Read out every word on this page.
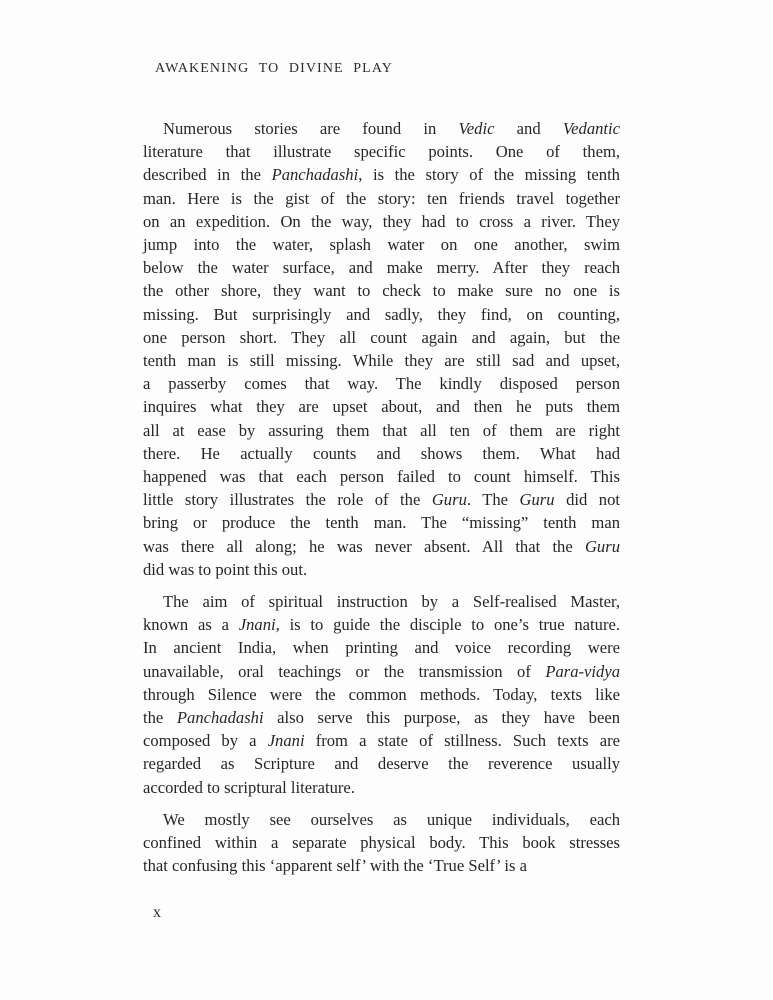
AWAKENING TO DIVINE PLAY
Numerous stories are found in Vedic and Vedantic
literature that illustrate specific points. One of them,
described in the Panchadashi, is the story of the missing tenth
man. Here is the gist of the story: ten friends travel together
on an expedition. On the way, they had to cross a river. They
jump into the water, splash water on one another, swim
below the water surface, and make merry. After they reach
the other shore, they want to check to make sure no one is
missing. But surprisingly and sadly, they find, on counting,
one person short. They all count again and again, but the
tenth man is still missing. While they are still sad and upset,
a passerby comes that way. The kindly disposed person
inquires what they are upset about, and then he puts them
all at ease by assuring them that all ten of them are right
there. He actually counts and shows them. What had
happened was that each person failed to count himself. This
little story illustrates the role of the Guru. The Guru did not
bring or produce the tenth man. The “missing” tenth man
was there all along; he was never absent. All that the Guru
did was to point this out.
The aim of spiritual instruction by a Self-realised Master,
known as a Jnani, is to guide the disciple to one’s true nature.
In ancient India, when printing and voice recording were
unavailable, oral teachings or the transmission of Para-vidya
through Silence were the common methods. Today, texts like
the Panchadashi also serve this purpose, as they have been
composed by a Jnani from a state of stillness. Such texts are
regarded as Scripture and deserve the reverence usually
accorded to scriptural literature.
We mostly see ourselves as unique individuals, each
confined within a separate physical body. This book stresses
that confusing this ‘apparent self’ with the ‘True Self’ is a
x
